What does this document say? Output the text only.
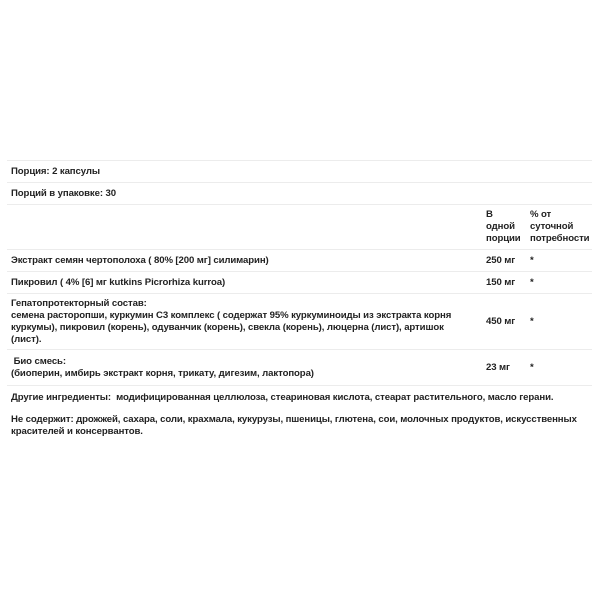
Порция: 2 капсулы		
Порций в упаковке: 30		

	В
одной
порции	% от
суточной
потребности

Экстракт семян чертополоха ( 80% [200 мг] силимарин)	250 мг	*
Пикровил ( 4% [6] мг kutkins Picrorhiza kurroa)	150 мг	*

Гепатопротекторный состав:
семена расторопши, куркумин C3 комплекс ( содержат 95% куркуминоиды из экстракта корня куркумы), пикровил (корень), одуванчик (корень), свекла (корень), люцерна (лист), артишок (лист).	450 мг	*

Био смесь:
(биоперин, имбирь экстракт корня, трикату, дигезим, лактопора)	23 мг	*

Другие ингредиенты:  модифицированная целлюлоза, стеариновая кислота, стеарат растительного, масло герани.

Не содержит: дрожжей, сахара, соли, крахмала, кукурузы, пшеницы, глютена, сои, молочных продуктов, искусственных красителей и консервантов.
